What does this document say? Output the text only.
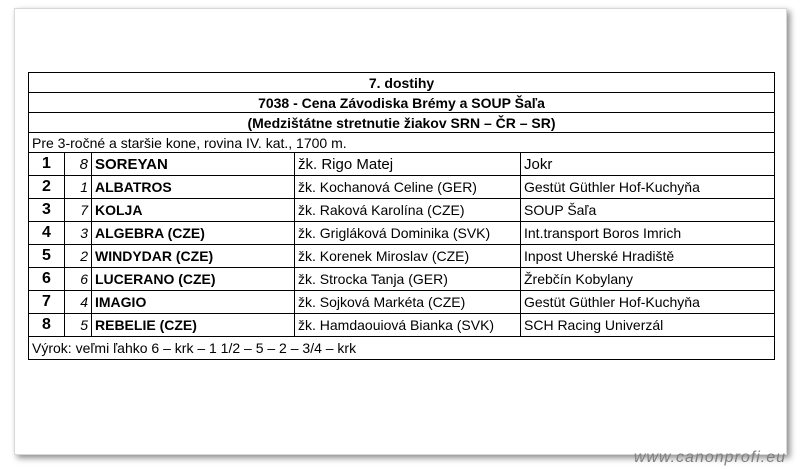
7. dostihy				
7038 - Cena Závodiska Brémy a SOUP Šaľa				
(Medzištátne stretnutie žiakov SRN – ČR – SR)				
Pre 3-ročné a staršie kone, rovina IV. kat., 1700 m.				
1	8	SOREYAN	žk. Rigo Matej	Jokr
2	1	ALBATROS	žk. Kochanová Celine (GER)	Gestüt Güthler Hof-Kuchyňa
3	7	KOLJA	žk. Raková Karolína (CZE)	SOUP Šaľa
4	3	ALGEBRA (CZE)	žk. Grigláková Dominika (SVK)	Int.transport Boros Imrich
5	2	WINDYDAR (CZE)	žk. Korenek Miroslav (CZE)	Inpost Uherské Hradiště
6	6	LUCERANO (CZE)	žk. Strocka Tanja (GER)	Žrebčín Kobylany
7	4	IMAGIO	žk. Sojková Markéta (CZE)	Gestüt Güthler Hof-Kuchyňa
8	5	REBELIE (CZE)	žk. Hamdaouiová Bianka (SVK)	SCH Racing Univerzál
Výrok: veľmi ľahko 6 – krk – 1 1/2 – 5 – 2 – 3/4 – krk				
www.canonprofi.eu
